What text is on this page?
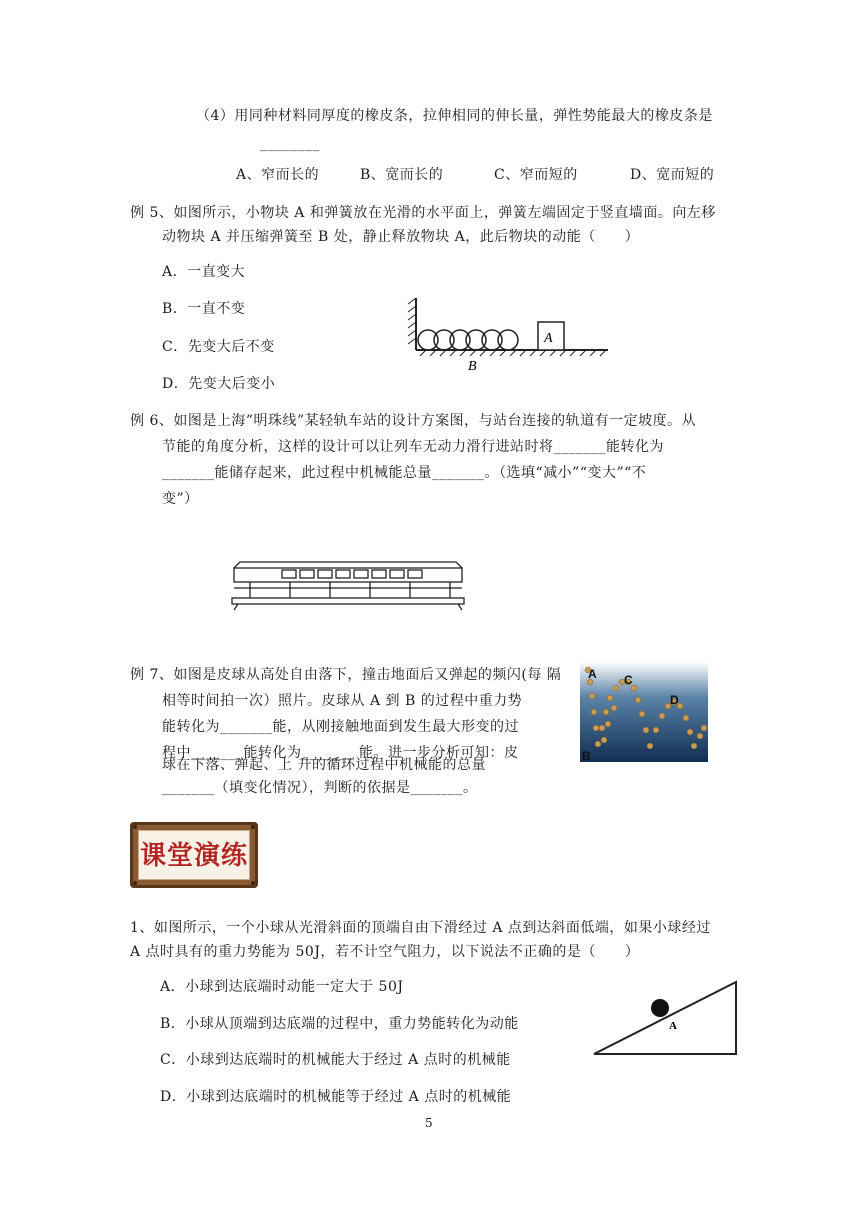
（4）用同种材料同厚度的橡皮条，拉伸相同的伸长量，弹性势能最大的橡皮条是
________
A、窄而长的	B、宽而长的	C、窄而短的	D、宽而短的
例 5、如图所示，小物块 A 和弹簧放在光滑的水平面上，弹簧左端固定于竖直墙面。向左移
动物块 A 并压缩弹簧至 B 处，静止释放物块 A，此后物块的动能（　　）
A．一直变大
B．一直不变
C．先变大后不变
D．先变大后变小
A
B
例 6、如图是上海”明珠线”某轻轨车站的设计方案图，与站台连接的轨道有一定坡度。从
节能的角度分析，这样的设计可以让列车无动力滑行进站时将_______能转化为
_______能储存起来，此过程中机械能总量_______。（选填“减小”“变大”“不
变”）
例 7、如图是皮球从高处自由落下，撞击地面后又弹起的频闪(每 隔
相等时间拍一次）照片。皮球从 A 到 B 的过程中重力势
能转化为_______能，从刚接触地面到发生最大形变的过
程中_______能转化为_______ 能。进一步分析可知：皮
球在下落、弹起、上 升的循环过程中机械能的总量
_______（填变化情况），判断的依据是_______。
A C
D
B
课堂演练
1、如图所示，一个小球从光滑斜面的顶端自由下滑经过 A 点到达斜面低端，如果小球经过
A 点时具有的重力势能为 50J，若不计空气阻力，以下说法不正确的是（　　）
A．小球到达底端时动能一定大于 50J
B．小球从顶端到达底端的过程中，重力势能转化为动能
C．小球到达底端时的机械能大于经过 A 点时的机械能
D．小球到达底端时的机械能等于经过 A 点时的机械能
A
5
